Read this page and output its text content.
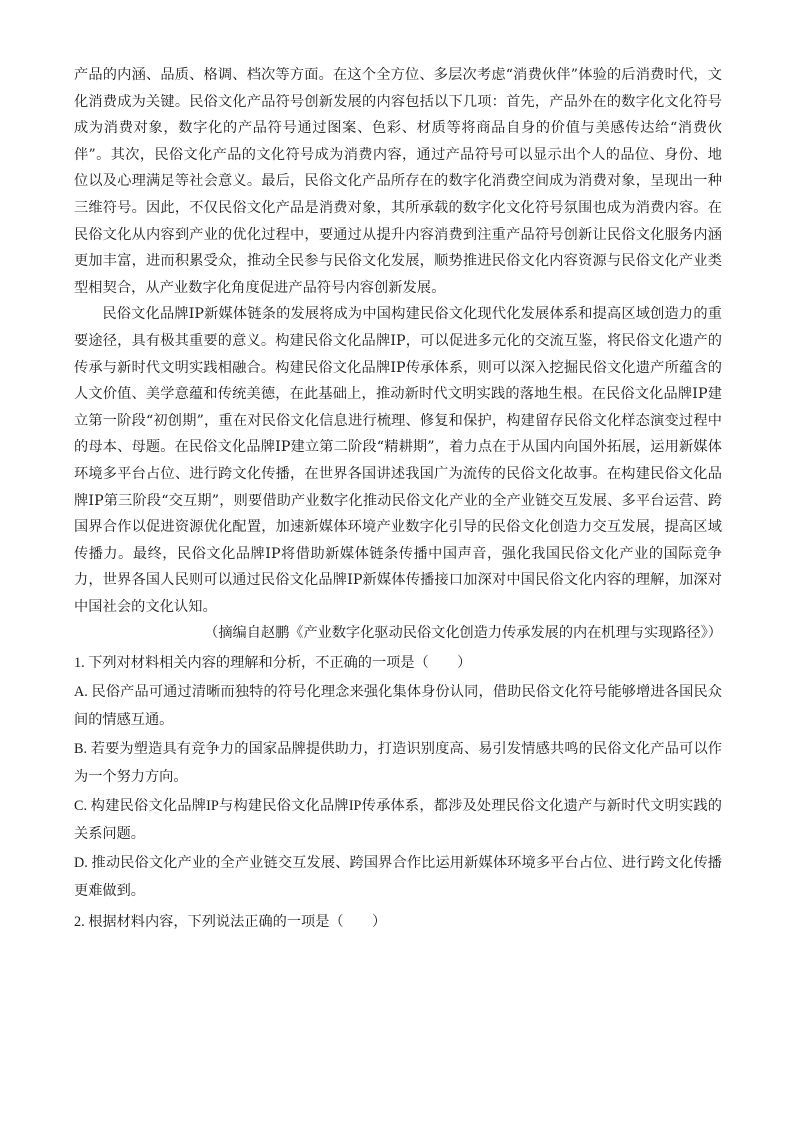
产品的内涵、品质、格调、档次等方面。在这个全方位、多层次考虑“消费伙伴”体验的后消费时代，文化消费成为关键。民俗文化产品符号创新发展的内容包括以下几项：首先，产品外在的数字化文化符号成为消费对象，数字化的产品符号通过图案、色彩、材质等将商品自身的价值与美感传达给“消费伙伴”。其次，民俗文化产品的文化符号成为消费内容，通过产品符号可以显示出个人的品位、身份、地位以及心理满足等社会意义。最后，民俗文化产品所存在的数字化消费空间成为消费对象，呈现出一种三维符号。因此，不仅民俗文化产品是消费对象，其所承载的数字化文化符号氛围也成为消费内容。在民俗文化从内容到产业的优化过程中，要通过从提升内容消费到注重产品符号创新让民俗文化服务内涵更加丰富，进而积累受众，推动全民参与民俗文化发展，顺势推进民俗文化内容资源与民俗文化产业类型相契合，从产业数字化角度促进产品符号内容创新发展。

民俗文化品牌IP新媒体链条的发展将成为中国构建民俗文化现代化发展体系和提高区域创造力的重要途径，具有极其重要的意义。构建民俗文化品牌IP，可以促进多元化的交流互鉴，将民俗文化遗产的传承与新时代文明实践相融合。构建民俗文化品牌IP传承体系，则可以深入挖掘民俗文化遗产所蕴含的人文价值、美学意蕴和传统美德，在此基础上，推动新时代文明实践的落地生根。在民俗文化品牌IP建立第一阶段“初创期”，重在对民俗文化信息进行梳理、修复和保护，构建留存民俗文化样态演变过程中的母本、母题。在民俗文化品牌IP建立第二阶段“精耕期”，着力点在于从国内向国外拓展，运用新媒体环境多平台占位、进行跨文化传播，在世界各国讲述我国广为流传的民俗文化故事。在构建民俗文化品牌IP第三阶段“交互期”，则要借助产业数字化推动民俗文化产业的全产业链交互发展、多平台运营、跨国界合作以促进资源优化配置，加速新媒体环境产业数字化引导的民俗文化创造力交互发展，提高区域传播力。最终，民俗文化品牌IP将借助新媒体链条传播中国声音，强化我国民俗文化产业的国际竞争力，世界各国人民则可以通过民俗文化品牌IP新媒体传播接口加深对中国民俗文化内容的理解，加深对中国社会的文化认知。

（摘编自赵鹏《产业数字化驱动民俗文化创造力传承发展的内在机理与实现路径》）

1. 下列对材料相关内容的理解和分析，不正确的一项是（　　）

A. 民俗产品可通过清晰而独特的符号化理念来强化集体身份认同，借助民俗文化符号能够增进各国民众间的情感互通。

B. 若要为塑造具有竞争力的国家品牌提供助力，打造识别度高、易引发情感共鸣的民俗文化产品可以作为一个努力方向。

C. 构建民俗文化品牌IP与构建民俗文化品牌IP传承体系，都涉及处理民俗文化遗产与新时代文明实践的关系问题。

D. 推动民俗文化产业的全产业链交互发展、跨国界合作比运用新媒体环境多平台占位、进行跨文化传播更难做到。

2. 根据材料内容，下列说法正确的一项是（　　）
